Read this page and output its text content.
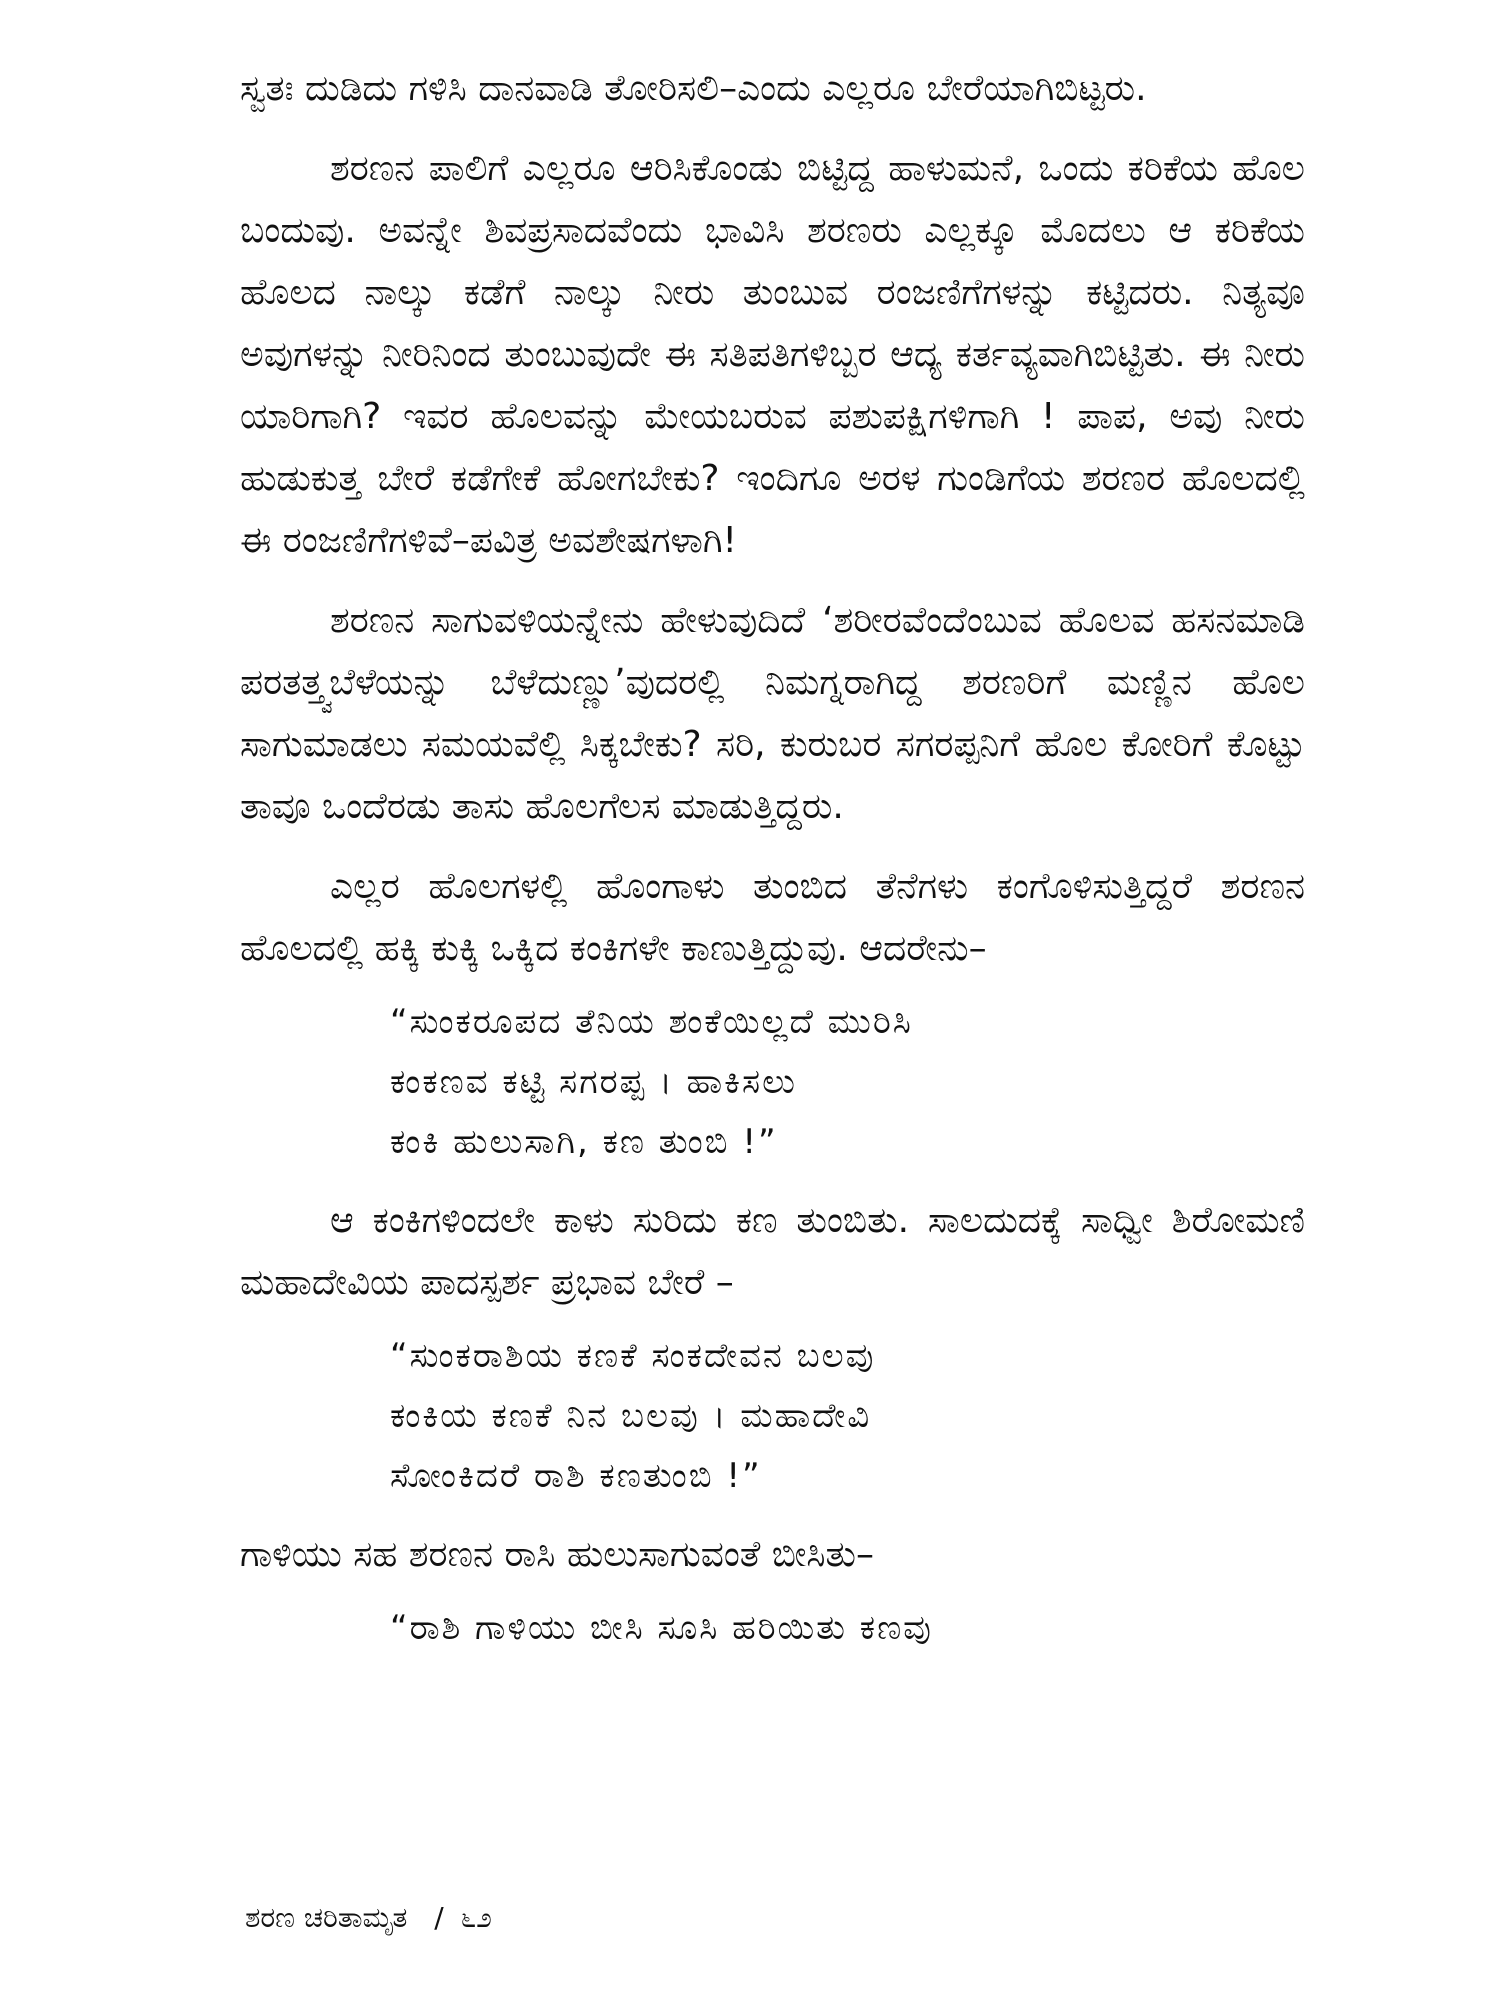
ಸ್ವತಃ ದುಡಿದು ಗಳಿಸಿ ದಾನವಾಡಿ ತೋರಿಸಲಿ–ಎಂದು ಎಲ್ಲರೂ ಬೇರೆಯಾಗಿಬಿಟ್ಟರು.

ಶರಣನ ಪಾಲಿಗೆ ಎಲ್ಲರೂ ಆರಿಸಿಕೊಂಡು ಬಿಟ್ಟಿದ್ದ ಹಾಳುಮನೆ, ಒಂದು ಕರಿಕೆಯ ಹೊಲ ಬಂದುವು. ಅವನ್ನೇ ಶಿವಪ್ರಸಾದವೆಂದು ಭಾವಿಸಿ ಶರಣರು ಎಲ್ಲಕ್ಕೂ ಮೊದಲು ಆ ಕರಿಕೆಯ ಹೊಲದ ನಾಲ್ಕು ಕಡೆಗೆ ನಾಲ್ಕು ನೀರು ತುಂಬುವ ರಂಜಣಿಗೆಗಳನ್ನು ಕಟ್ಟಿದರು. ನಿತ್ಯವೂ ಅವುಗಳನ್ನು ನೀರಿನಿಂದ ತುಂಬುವುದೇ ಈ ಸತಿಪತಿಗಳಿಬ್ಬರ ಆದ್ಯ ಕರ್ತವ್ಯವಾಗಿಬಿಟ್ಟಿತು. ಈ ನೀರು ಯಾರಿಗಾಗಿ? ಇವರ ಹೊಲವನ್ನು ಮೇಯಬರುವ ಪಶುಪಕ್ಷಿಗಳಿಗಾಗಿ ! ಪಾಪ, ಅವು ನೀರು ಹುಡುಕುತ್ತ ಬೇರೆ ಕಡೆಗೇಕೆ ಹೋಗಬೇಕು? ಇಂದಿಗೂ ಅರಳ ಗುಂಡಿಗೆಯ ಶರಣರ ಹೊಲದಲ್ಲಿ ಈ ರಂಜಣಿಗೆಗಳಿವೆ–ಪವಿತ್ರ ಅವಶೇಷಗಳಾಗಿ!

ಶರಣನ ಸಾಗುವಳಿಯನ್ನೇನು ಹೇಳುವುದಿದೆ ‘ಶರೀರವೆಂದೆಂಬುವ ಹೊಲವ ಹಸನಮಾಡಿ ಪರತತ್ತ್ವಬೆಳೆಯನ್ನು ಬೆಳೆದುಣ್ಣು’ವುದರಲ್ಲಿ ನಿಮಗ್ನರಾಗಿದ್ದ ಶರಣರಿಗೆ ಮಣ್ಣಿನ ಹೊಲ ಸಾಗುಮಾಡಲು ಸಮಯವೆಲ್ಲಿ ಸಿಕ್ಕಬೇಕು? ಸರಿ, ಕುರುಬರ ಸಗರಪ್ಪನಿಗೆ ಹೊಲ ಕೋರಿಗೆ ಕೊಟ್ಟು ತಾವೂ ಒಂದೆರಡು ತಾಸು ಹೊಲಗೆಲಸ ಮಾಡುತ್ತಿದ್ದರು.

ಎಲ್ಲರ ಹೊಲಗಳಲ್ಲಿ ಹೊಂಗಾಳು ತುಂಬಿದ ತೆನೆಗಳು ಕಂಗೊಳಿಸುತ್ತಿದ್ದರೆ ಶರಣನ ಹೊಲದಲ್ಲಿ ಹಕ್ಕಿ ಕುಕ್ಕಿ ಒಕ್ಕಿದ ಕಂಕಿಗಳೇ ಕಾಣುತ್ತಿದ್ದುವು. ಆದರೇನು–

“ಸುಂಕರೂಪದ ತೆನಿಯ ಶಂಕೆಯಿಲ್ಲದೆ ಮುರಿಸಿ
ಕಂಕಣವ ಕಟ್ಟಿ ಸಗರಪ್ಪ । ಹಾಕಿಸಲು
ಕಂಕಿ ಹುಲುಸಾಗಿ, ಕಣ ತುಂಬಿ !”

ಆ ಕಂಕಿಗಳಿಂದಲೇ ಕಾಳು ಸುರಿದು ಕಣ ತುಂಬಿತು. ಸಾಲದುದಕ್ಕೆ ಸಾಧ್ವೀ ಶಿರೋಮಣಿ ಮಹಾದೇವಿಯ ಪಾದಸ್ಪರ್ಶ ಪ್ರಭಾವ ಬೇರೆ –

“ಸುಂಕರಾಶಿಯ ಕಣಕೆ ಸಂಕದೇವನ ಬಲವು
ಕಂಕಿಯ ಕಣಕೆ ನಿನ ಬಲವು । ಮಹಾದೇವಿ
ಸೋಂಕಿದರೆ ರಾಶಿ ಕಣತುಂಬಿ !”

ಗಾಳಿಯು ಸಹ ಶರಣನ ರಾಸಿ ಹುಲುಸಾಗುವಂತೆ ಬೀಸಿತು–

“ರಾಶಿ ಗಾಳಿಯು ಬೀಸಿ ಸೂಸಿ ಹರಿಯಿತು ಕಣವು
ಶರಣ ಚರಿತಾಮೃತ / ೬೨
